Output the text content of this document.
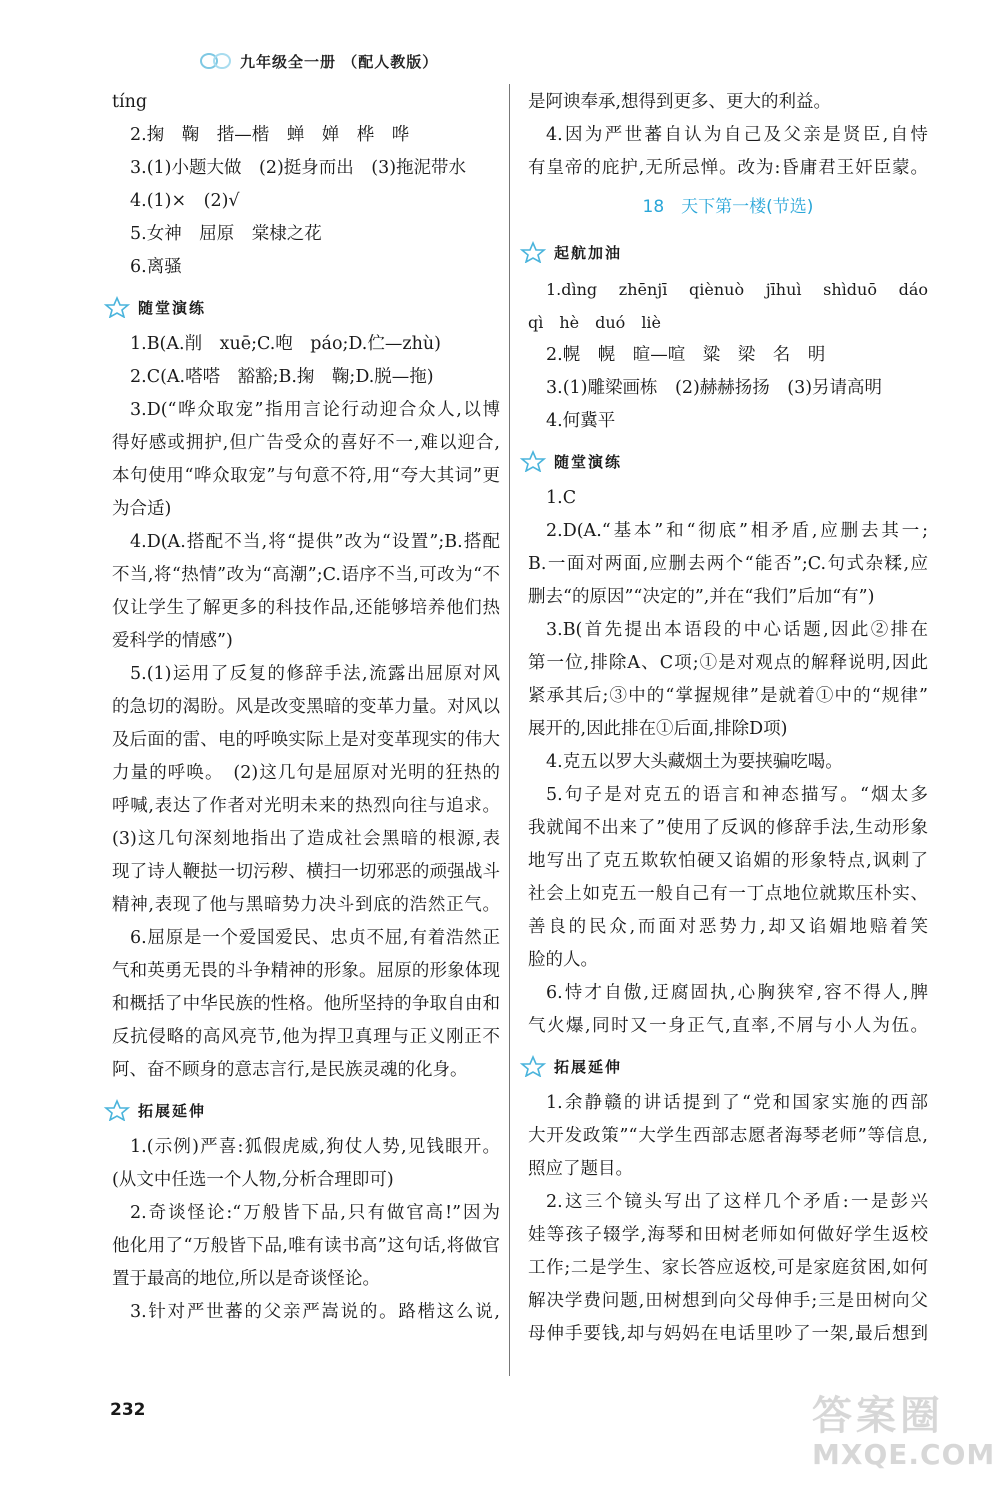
九年级全一册 （配人教版）
tíng
2.掬　鞠　揩—楷　蝉　婵　桦　哗
3.(1)小题大做　(2)挺身而出　(3)拖泥带水
4.(1)×　(2)√
5.女神　屈原　棠棣之花
6.离骚
随堂演练
1.B(A.削　xuē;C.咆　páo;D.伫—zhù)
2.C(A.嗒嗒　豁豁;B.掬　鞠;D.脱—拖)
3.D(“哗众取宠”指用言论行动迎合众人,以博
得好感或拥护,但广告受众的喜好不一,难以迎合,
本句使用“哗众取宠”与句意不符,用“夸大其词”更
为合适)
4.D(A.搭配不当,将“提供”改为“设置”;B.搭配
不当,将“热情”改为“高潮”;C.语序不当,可改为“不
仅让学生了解更多的科技作品,还能够培养他们热
爱科学的情感”)
5.(1)运用了反复的修辞手法,流露出屈原对风
的急切的渴盼。风是改变黑暗的变革力量。对风以
及后面的雷、电的呼唤实际上是对变革现实的伟大
力量的呼唤。　(2)这几句是屈原对光明的狂热的
呼喊,表达了作者对光明未来的热烈向往与追求。
(3)这几句深刻地指出了造成社会黑暗的根源,表
现了诗人鞭挞一切污秽、横扫一切邪恶的顽强战斗
精神,表现了他与黑暗势力决斗到底的浩然正气。
6.屈原是一个爱国爱民、忠贞不屈,有着浩然正
气和英勇无畏的斗争精神的形象。屈原的形象体现
和概括了中华民族的性格。他所坚持的争取自由和
反抗侵略的高风亮节,他为捍卫真理与正义刚正不
阿、奋不顾身的意志言行,是民族灵魂的化身。
拓展延伸
1.(示例)严喜:狐假虎威,狗仗人势,见钱眼开。
(从文中任选一个人物,分析合理即可)
2.奇谈怪论:“万般皆下品,只有做官高!”因为
他化用了“万般皆下品,唯有读书高”这句话,将做官
置于最高的地位,所以是奇谈怪论。
3.针对严世蕃的父亲严嵩说的。路楷这么说,
是阿谀奉承,想得到更多、更大的利益。
4.因为严世蕃自认为自己及父亲是贤臣,自恃
有皇帝的庇护,无所忌惮。改为:昏庸君王奸臣蒙。
18　天下第一楼(节选)
起航加油
1.dìng　zhēnjī　qiènuò　jīhuì　shìduō　dáo
qì　hè　duó　liè
2.幌　幌　暄—喧　粱　梁　名　明
3.(1)雕梁画栋　(2)赫赫扬扬　(3)另请高明
4.何冀平
随堂演练
1.C
2.D(A.“基本”和“彻底”相矛盾,应删去其一;
B.一面对两面,应删去两个“能否”;C.句式杂糅,应
删去“的原因”“决定的”,并在“我们”后加“有”)
3.B(首先提出本语段的中心话题,因此②排在
第一位,排除A、C项;①是对观点的解释说明,因此
紧承其后;③中的“掌握规律”是就着①中的“规律”
展开的,因此排在①后面,排除D项)
4.克五以罗大头藏烟土为要挟骗吃喝。
5.句子是对克五的语言和神态描写。“烟太多
我就闻不出来了”使用了反讽的修辞手法,生动形象
地写出了克五欺软怕硬又谄媚的形象特点,讽刺了
社会上如克五一般自己有一丁点地位就欺压朴实、
善良的民众,而面对恶势力,却又谄媚地赔着笑
脸的人。
6.恃才自傲,迂腐固执,心胸狭窄,容不得人,脾
气火爆,同时又一身正气,直率,不屑与小人为伍。
拓展延伸
1.余静赣的讲话提到了“党和国家实施的西部
大开发政策”“大学生西部志愿者海琴老师”等信息,
照应了题目。
2.这三个镜头写出了这样几个矛盾:一是彭兴
娃等孩子辍学,海琴和田树老师如何做好学生返校
工作;二是学生、家长答应返校,可是家庭贫困,如何
解决学费问题,田树想到向父母伸手;三是田树向父
母伸手要钱,却与妈妈在电话里吵了一架,最后想到
232	答案圈
MXQE.COM
